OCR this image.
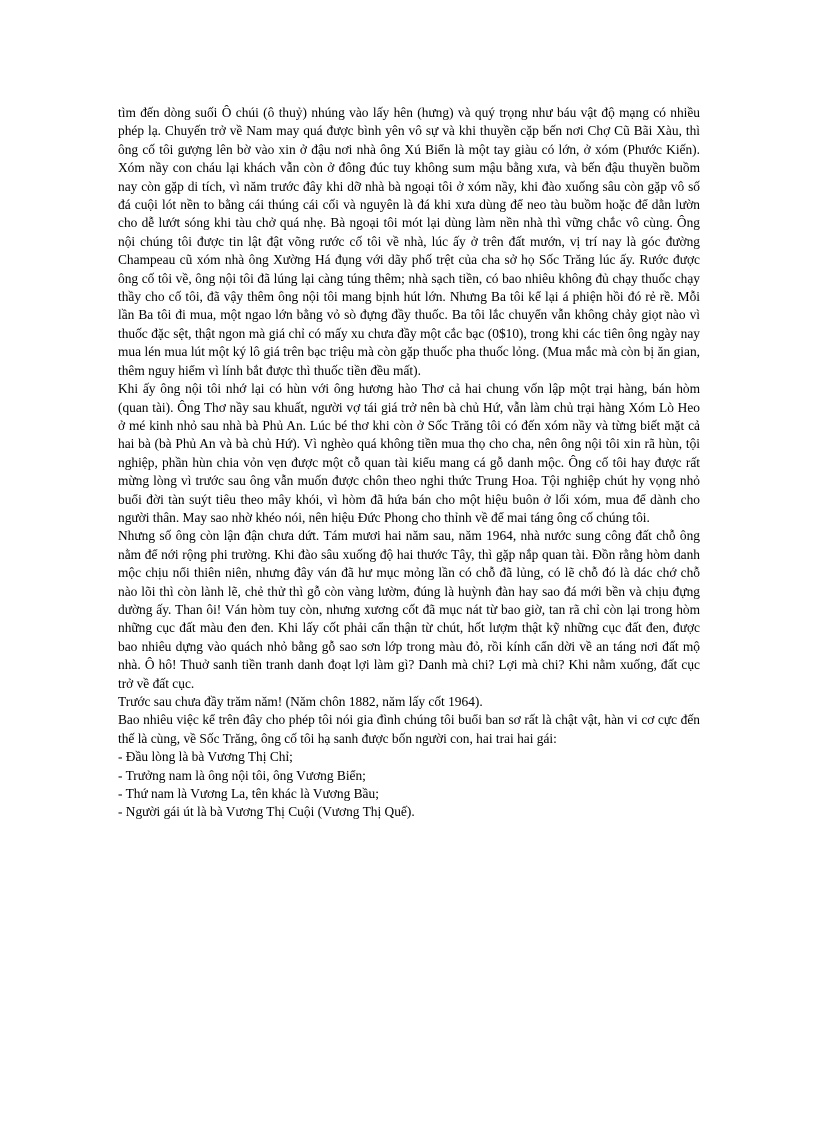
tìm đến dòng suối Ô chúi (ô thuỷ) nhúng vào lấy hên (hưng) và quý trọng như báu vật độ mạng có nhiều phép lạ. Chuyến trở về Nam may quá được bình yên vô sự và khi thuyền cặp bến nơi Chợ Cũ Bãi Xàu, thì ông cố tôi gượng lên bờ vào xin ở đậu nơi nhà ông Xú Biển là một tay giàu có lớn, ở xóm (Phước Kiến). Xóm nầy con cháu lại khách vẫn còn ở đông đúc tuy không sum mậu bằng xưa, và bến đậu thuyền buồm nay còn gặp di tích, vì năm trước đây khi dỡ nhà bà ngoại tôi ở xóm nầy, khi đào xuống sâu còn gặp vô số đá cuội lót nền to bằng cái thúng cái cối và nguyên là đá khi xưa dùng để neo tàu buồm hoặc để dằn lườn cho dễ lướt sóng khi tàu chở quá nhẹ. Bà ngoại tôi mót lại dùng làm nền nhà thì vững chắc vô cùng. Ông nội chúng tôi được tin lật đật võng rước cố tôi về nhà, lúc ấy ở trên đất mướn, vị trí nay là góc đường Champeau cũ xóm nhà ông Xường Há đụng với dãy phố trệt của cha sở họ Sốc Trăng lúc ấy. Rước được ông cố tôi về, ông nội tôi đã lúng lại càng túng thêm; nhà sạch tiền, có bao nhiêu không đủ chạy thuốc chạy thầy cho cố tôi, đã vậy thêm ông nội tôi mang bịnh hút lớn. Nhưng Ba tôi kể lại á phiện hồi đó rẻ rề. Mỗi lần Ba tôi đi mua, một ngao lớn bằng vỏ sò đựng đầy thuốc. Ba tôi lắc chuyển vẫn không chảy giọt nào vì thuốc đặc sệt, thật ngon mà giá chỉ có mấy xu chưa đầy một cắc bạc (0$10), trong khi các tiên ông ngày nay mua lén mua lút một ký lô giá trên bạc triệu mà còn gặp thuốc pha thuốc lỏng. (Mua mắc mà còn bị ăn gian, thêm nguy hiểm vì lính bắt được thì thuốc tiền đều mất).

Khi ấy ông nội tôi nhớ lại có hùn với ông hương hào Thơ cả hai chung vốn lập một trại hàng, bán hòm (quan tài). Ông Thơ nầy sau khuất, người vợ tái giá trở nên bà chủ Hứ, vẫn làm chủ trại hàng Xóm Lò Heo ở mé kinh nhỏ sau nhà bà Phủ An. Lúc bé thơ khi còn ở Sốc Trăng tôi có đến xóm nầy và từng biết mặt cả hai bà (bà Phủ An và bà chủ Hứ). Vì nghèo quá không tiền mua thọ cho cha, nên ông nội tôi xin rã hùn, tội nghiệp, phần hùn chia vỏn vẹn được một cỗ quan tài kiểu mang cá gỗ danh mộc. Ông cố tôi hay được rất mừng lòng vì trước sau ông vẫn muốn được chôn theo nghi thức Trung Hoa. Tội nghiệp chút hy vọng nhỏ buổi đời tàn suýt tiêu theo mây khói, vì hòm đã hứa bán cho một hiệu buôn ở lối xóm, mua để dành cho người thân. May sao nhờ khéo nói, nên hiệu Đức Phong cho thỉnh về để mai táng ông cố chúng tôi.

Nhưng số ông còn lận đận chưa dứt. Tám mươi hai năm sau, năm 1964, nhà nước sung công đất chỗ ông nằm để nới rộng phi trường. Khi đào sâu xuống độ hai thước Tây, thì gặp nắp quan tài. Đồn rằng hòm danh mộc chịu nổi thiên niên, nhưng đây ván đã hư mục mỏng lần có chỗ đã lủng, có lẽ chỗ đó là dác chớ chỗ nào lõi thì còn lành lẽ, chẻ thử thì gỗ còn vàng lườm, đúng là huỳnh đàn hay sao đá mới bền và chịu đựng dường ấy. Than ôi! Ván hòm tuy còn, nhưng xương cốt đã mục nát từ bao giờ, tan rã chỉ còn lại trong hòm những cục đất màu đen đen. Khi lấy cốt phải cẩn thận từ chút, hốt lượm thật kỹ những cục đất đen, được bao nhiêu dựng vào quách nhỏ bằng gỗ sao sơn lớp trong màu đỏ, rồi kính cẩn dời về an táng nơi đất mộ nhà. Ô hô! Thuở sanh tiền tranh danh đoạt lợi làm gì? Danh mà chi? Lợi mà chi? Khi nằm xuống, đất cục trở về đất cục.

Trước sau chưa đầy trăm năm! (Năm chôn 1882, năm lấy cốt 1964).

Bao nhiêu việc kể trên đây cho phép tôi nói gia đình chúng tôi buổi ban sơ rất là chật vật, hàn vi cơ cực đến thế là cùng, về Sốc Trăng, ông cố tôi hạ sanh được bốn người con, hai trai hai gái:

- Đầu lòng là bà Vương Thị Chỉ;
- Trưởng nam là ông nội tôi, ông Vương Biển;
- Thứ nam là Vương La, tên khác là Vương Bầu;
- Người gái út là bà Vương Thị Cuội (Vương Thị Quế).
